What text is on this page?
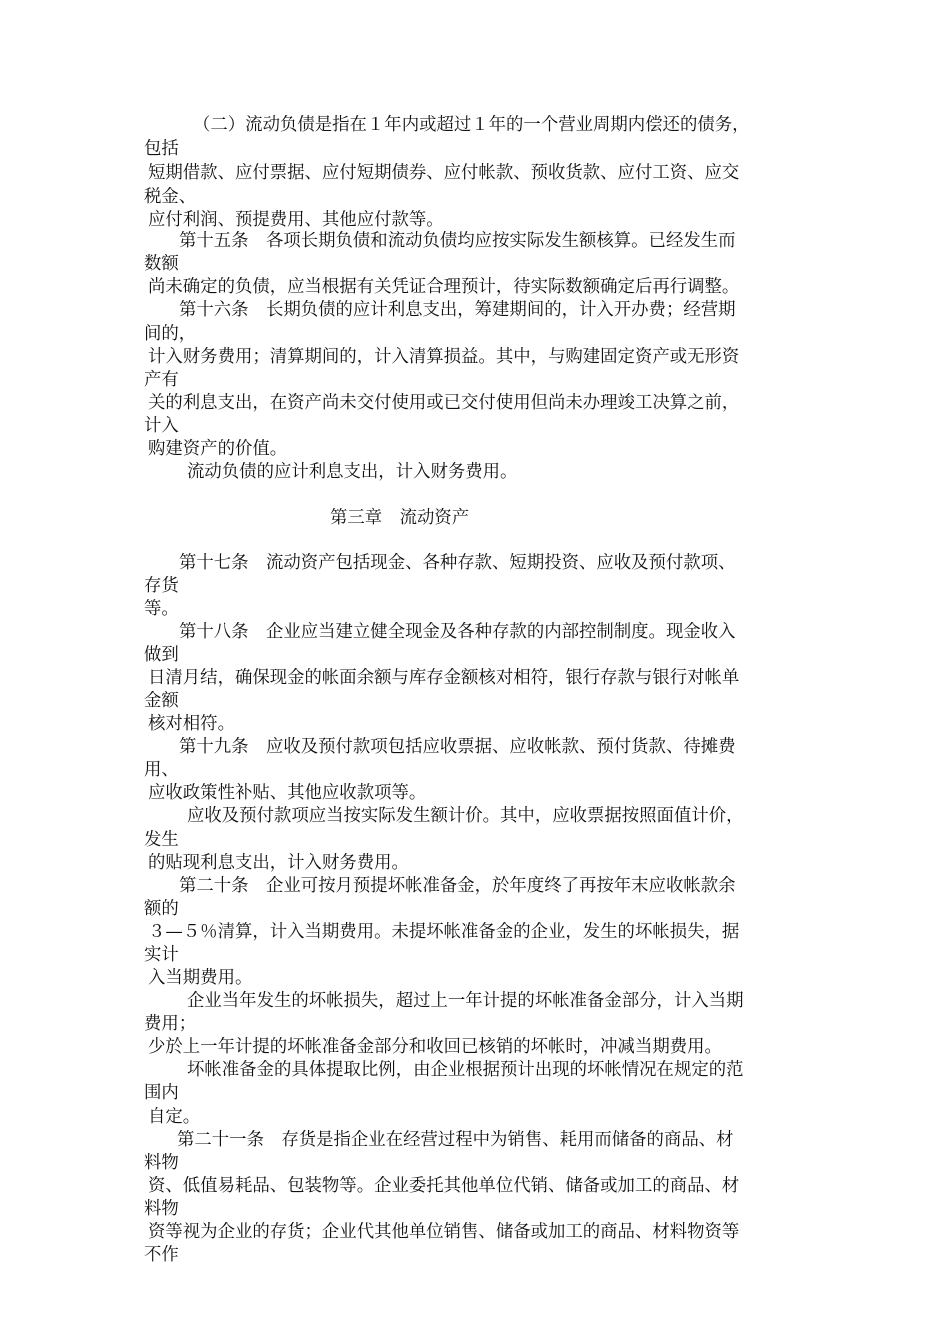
（二）流动负债是指在１年内或超过１年的一个营业周期内偿还的债务，
包括
短期借款、应付票据、应付短期债券、应付帐款、预收货款、应付工资、应交
税金、
应付利润、预提费用、其他应付款等。
第十五条　各项长期负债和流动负债均应按实际发生额核算。已经发生而
数额
尚未确定的负债，应当根据有关凭证合理预计，待实际数额确定后再行调整。
第十六条　长期负债的应计利息支出，筹建期间的，计入开办费；经营期
间的，
计入财务费用；清算期间的，计入清算损益。其中，与购建固定资产或无形资
产有
关的利息支出，在资产尚未交付使用或已交付使用但尚未办理竣工决算之前，
计入
购建资产的价值。
流动负债的应计利息支出，计入财务费用。
第三章　流动资产
第十七条　流动资产包括现金、各种存款、短期投资、应收及预付款项、
存货
等。
第十八条　企业应当建立健全现金及各种存款的内部控制制度。现金收入
做到
日清月结，确保现金的帐面余额与库存金额核对相符，银行存款与银行对帐单
金额
核对相符。
第十九条　应收及预付款项包括应收票据、应收帐款、预付货款、待摊费
用、
应收政策性补贴、其他应收款项等。
应收及预付款项应当按实际发生额计价。其中，应收票据按照面值计价，
发生
的贴现利息支出，计入财务费用。
第二十条　企业可按月预提坏帐准备金，於年度终了再按年末应收帐款余
额的
３—５％清算，计入当期费用。未提坏帐准备金的企业，发生的坏帐损失，据
实计
入当期费用。
企业当年发生的坏帐损失，超过上一年计提的坏帐准备金部分，计入当期
费用；
少於上一年计提的坏帐准备金部分和收回已核销的坏帐时，冲减当期费用。
坏帐准备金的具体提取比例，由企业根据预计出现的坏帐情况在规定的范
围内
自定。
第二十一条　存货是指企业在经营过程中为销售、耗用而储备的商品、材
料物
资、低值易耗品、包装物等。企业委托其他单位代销、储备或加工的商品、材
料物
资等视为企业的存货；企业代其他单位销售、储备或加工的商品、材料物资等
不作
